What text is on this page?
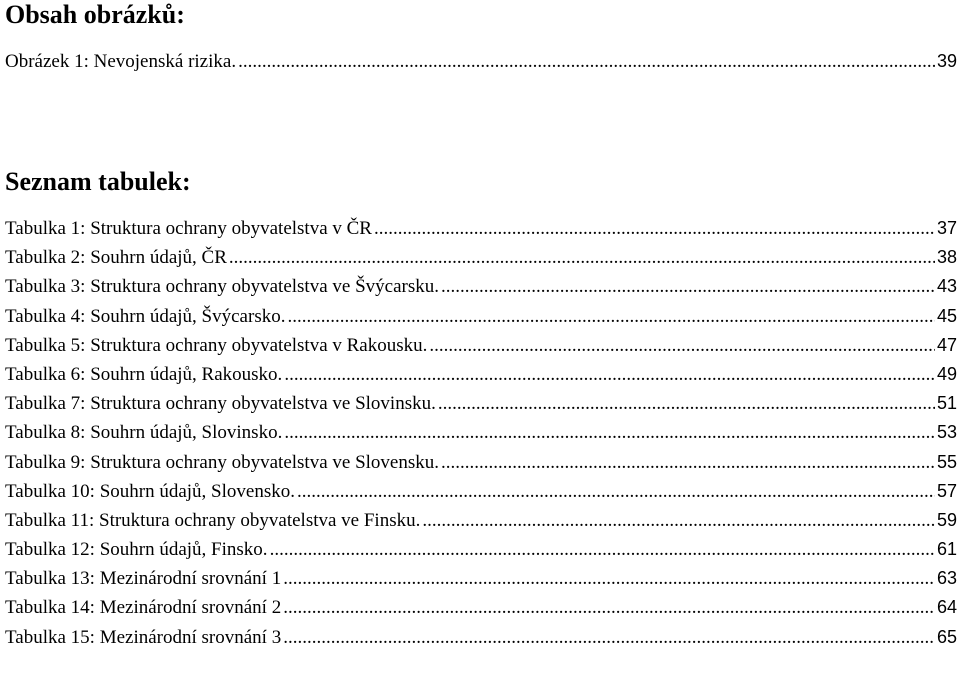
Obsah obrázků:
Obrázek 1: Nevojenská rizika. .....	39
Seznam tabulek:
Tabulka 1: Struktura ochrany obyvatelstva v ČR .....	37
Tabulka 2: Souhrn údajů, ČR .....	38
Tabulka 3: Struktura ochrany obyvatelstva ve Švýcarsku. .....	43
Tabulka 4: Souhrn údajů, Švýcarsko. .....	45
Tabulka 5: Struktura ochrany obyvatelstva v Rakousku. .....	47
Tabulka 6: Souhrn údajů, Rakousko. .....	49
Tabulka 7: Struktura ochrany obyvatelstva ve Slovinsku. .....	51
Tabulka 8: Souhrn údajů, Slovinsko. .....	53
Tabulka 9: Struktura ochrany obyvatelstva ve Slovensku. .....	55
Tabulka 10: Souhrn údajů, Slovensko. .....	57
Tabulka 11: Struktura ochrany obyvatelstva ve Finsku. .....	59
Tabulka 12: Souhrn údajů, Finsko. .....	61
Tabulka 13: Mezinárodní srovnání 1 .....	63
Tabulka 14: Mezinárodní srovnání 2 .....	64
Tabulka 15: Mezinárodní srovnání 3 .....	65
